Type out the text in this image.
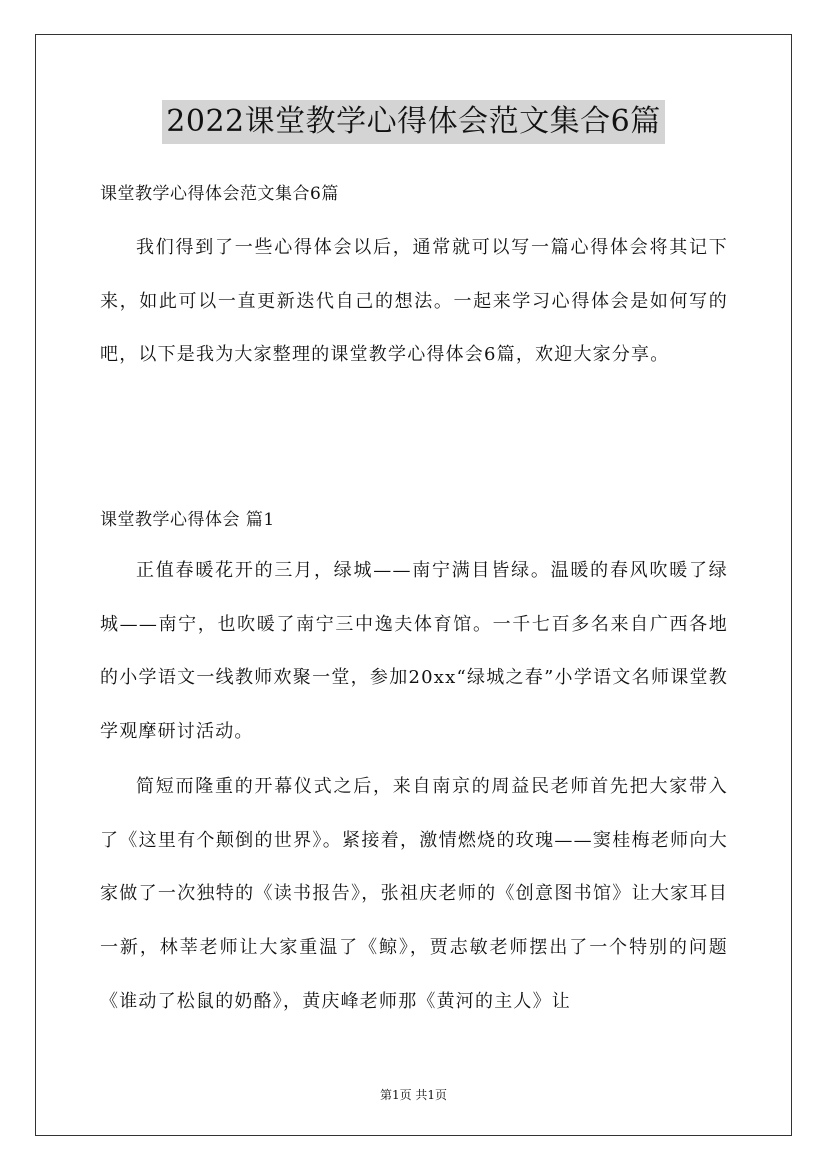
2022课堂教学心得体会范文集合6篇
课堂教学心得体会范文集合6篇

我们得到了一些心得体会以后，通常就可以写一篇心得体会将其记下来，如此可以一直更新迭代自己的想法。一起来学习心得体会是如何写的吧，以下是我为大家整理的课堂教学心得体会6篇，欢迎大家分享。

课堂教学心得体会 篇1

正值春暖花开的三月，绿城——南宁满目皆绿。温暖的春风吹暖了绿城——南宁，也吹暖了南宁三中逸夫体育馆。一千七百多名来自广西各地的小学语文一线教师欢聚一堂，参加20xx“绿城之春”小学语文名师课堂教学观摩研讨活动。

简短而隆重的开幕仪式之后，来自南京的周益民老师首先把大家带入了《这里有个颠倒的世界》。紧接着，激情燃烧的玫瑰——窦桂梅老师向大家做了一次独特的《读书报告》，张祖庆老师的《创意图书馆》让大家耳目一新，林莘老师让大家重温了《鲸》，贾志敏老师摆出了一个特别的问题《谁动了松鼠的奶酪》，黄庆峰老师那《黄河的主人》让

第1页 共1页
